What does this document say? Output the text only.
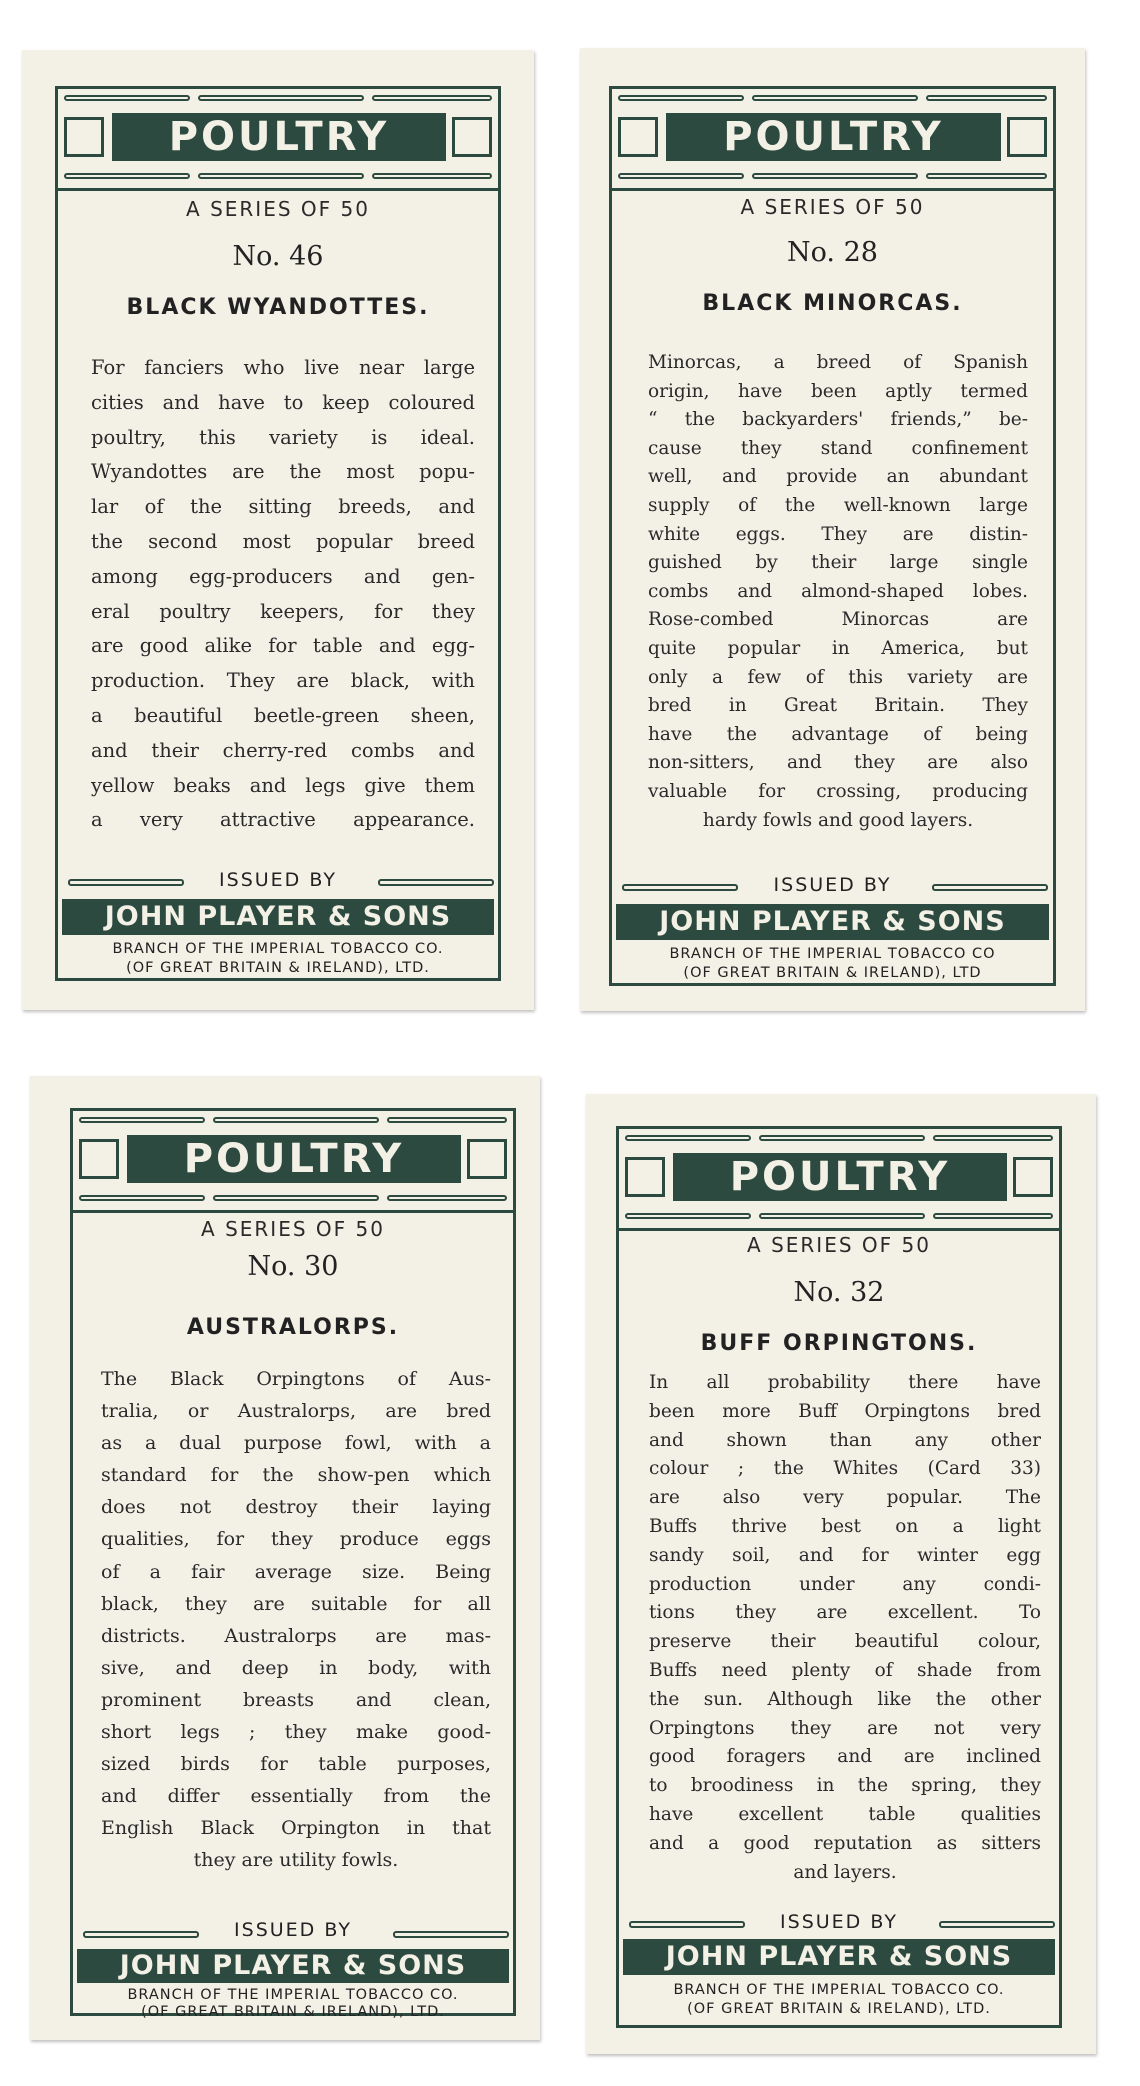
POULTRY
A SERIES OF 50
No. 46
BLACK WYANDOTTES.
For fanciers who live near large
cities and have to keep coloured
poultry, this variety is ideal.
Wyandottes are the most popu-
lar of the sitting breeds, and
the second most popular breed
among egg-producers and gen-
eral poultry keepers, for they
are good alike for table and egg-
production. They are black, with
a beautiful beetle-green sheen,
and their cherry-red combs and
yellow beaks and legs give them
a very attractive appearance.
ISSUED BY
JOHN PLAYER & SONS
BRANCH OF THE IMPERIAL TOBACCO CO.
(OF GREAT BRITAIN & IRELAND), LTD.
POULTRY
A SERIES OF 50
No. 28
BLACK MINORCAS.
Minorcas, a breed of Spanish
origin, have been aptly termed
“ the backyarders' friends,” be-
cause they stand confinement
well, and provide an abundant
supply of the well-known large
white eggs. They are distin-
guished by their large single
combs and almond-shaped lobes.
Rose-combed Minorcas are
quite popular in America, but
only a few of this variety are
bred in Great Britain. They
have the advantage of being
non-sitters, and they are also
valuable for crossing, producing
hardy fowls and good layers.
ISSUED BY
JOHN PLAYER & SONS
BRANCH OF THE IMPERIAL TOBACCO CO
(OF GREAT BRITAIN & IRELAND), LTD
POULTRY
A SERIES OF 50
No. 30
AUSTRALORPS.
The Black Orpingtons of Aus-
tralia, or Australorps, are bred
as a dual purpose fowl, with a
standard for the show-pen which
does not destroy their laying
qualities, for they produce eggs
of a fair average size. Being
black, they are suitable for all
districts. Australorps are mas-
sive, and deep in body, with
prominent breasts and clean,
short legs ; they make good-
sized birds for table purposes,
and differ essentially from the
English Black Orpington in that
they are utility fowls.
ISSUED BY
JOHN PLAYER & SONS
BRANCH OF THE IMPERIAL TOBACCO CO.
(OF GREAT BRITAIN & IRELAND), LTD.
POULTRY
A SERIES OF 50
No. 32
BUFF ORPINGTONS.
In all probability there have
been more Buff Orpingtons bred
and shown than any other
colour ; the Whites (Card 33)
are also very popular. The
Buffs thrive best on a light
sandy soil, and for winter egg
production under any condi-
tions they are excellent. To
preserve their beautiful colour,
Buffs need plenty of shade from
the sun. Although like the other
Orpingtons they are not very
good foragers and are inclined
to broodiness in the spring, they
have excellent table qualities
and a good reputation as sitters
and layers.
ISSUED BY
JOHN PLAYER & SONS
BRANCH OF THE IMPERIAL TOBACCO CO.
(OF GREAT BRITAIN & IRELAND), LTD.
